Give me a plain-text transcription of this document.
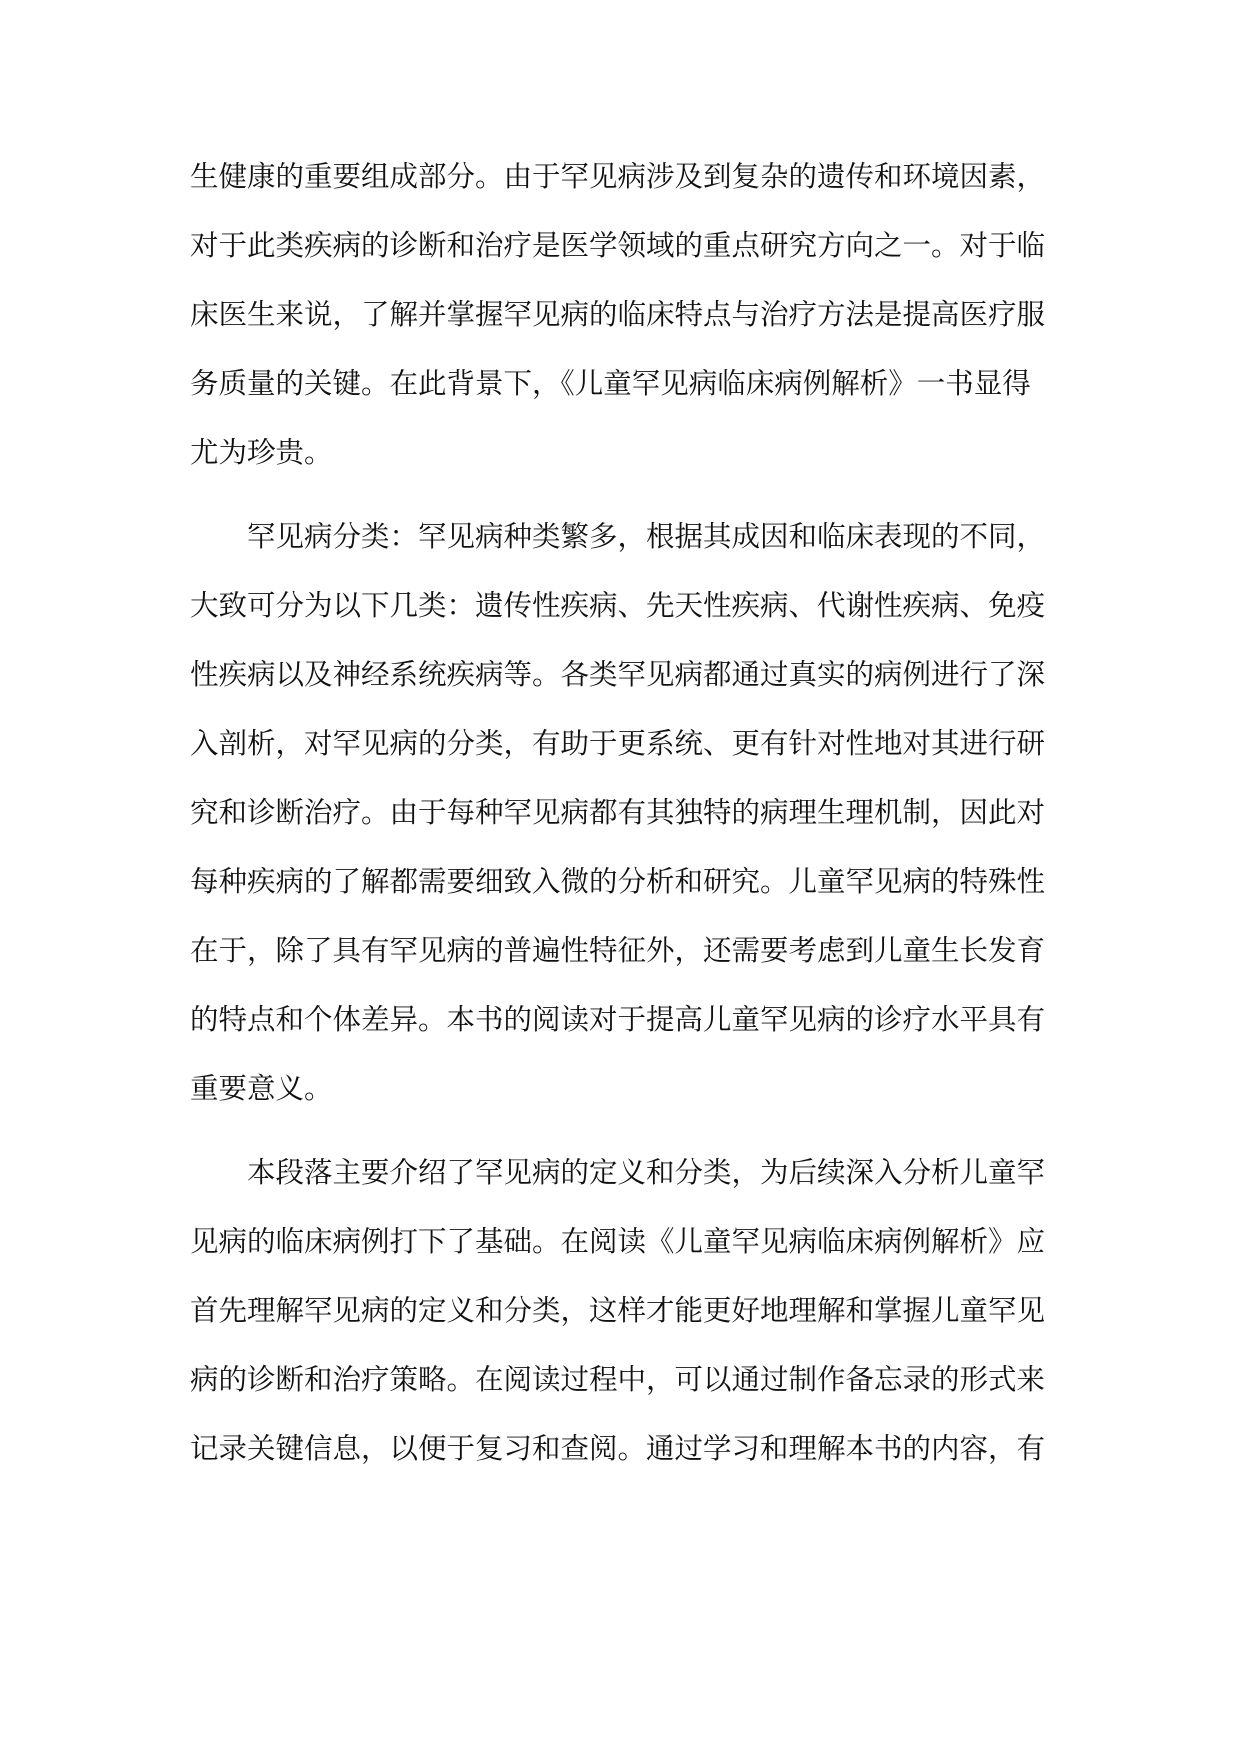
生健康的重要组成部分。由于罕见病涉及到复杂的遗传和环境因素，
对于此类疾病的诊断和治疗是医学领域的重点研究方向之一。对于临
床医生来说，了解并掌握罕见病的临床特点与治疗方法是提高医疗服
务质量的关键。在此背景下，《儿童罕见病临床病例解析》一书显得
尤为珍贵。
罕见病分类：罕见病种类繁多，根据其成因和临床表现的不同，
大致可分为以下几类：遗传性疾病、先天性疾病、代谢性疾病、免疫
性疾病以及神经系统疾病等。各类罕见病都通过真实的病例进行了深
入剖析，对罕见病的分类，有助于更系统、更有针对性地对其进行研
究和诊断治疗。由于每种罕见病都有其独特的病理生理机制，因此对
每种疾病的了解都需要细致入微的分析和研究。儿童罕见病的特殊性
在于，除了具有罕见病的普遍性特征外，还需要考虑到儿童生长发育
的特点和个体差异。本书的阅读对于提高儿童罕见病的诊疗水平具有
重要意义。
本段落主要介绍了罕见病的定义和分类，为后续深入分析儿童罕
见病的临床病例打下了基础。在阅读《儿童罕见病临床病例解析》应
首先理解罕见病的定义和分类，这样才能更好地理解和掌握儿童罕见
病的诊断和治疗策略。在阅读过程中，可以通过制作备忘录的形式来
记录关键信息，以便于复习和查阅。通过学习和理解本书的内容，有
